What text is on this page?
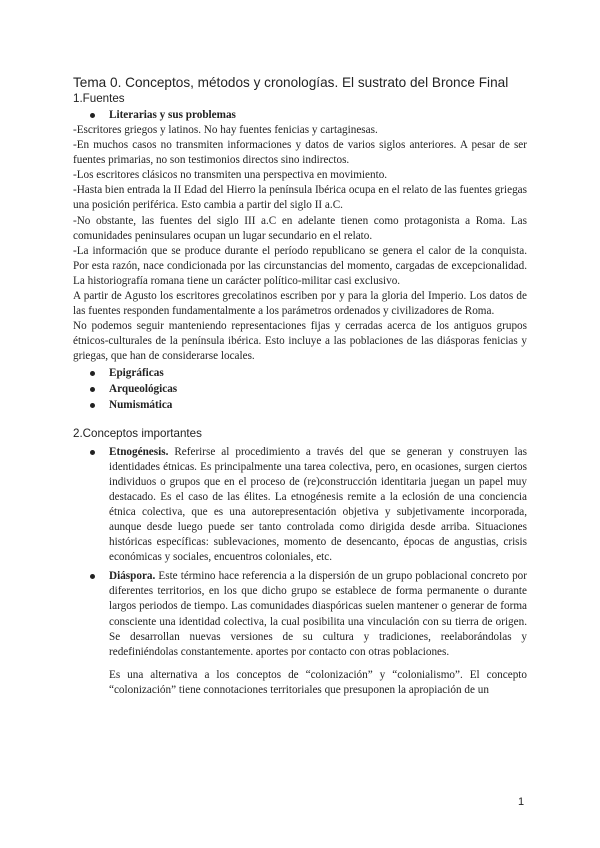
Tema 0. Conceptos, métodos y cronologías. El sustrato del Bronce Final
1.Fuentes
Literarias y sus problemas

-Escritores griegos y latinos. No hay fuentes fenicias y cartaginesas.

-En muchos casos no transmiten informaciones y datos de varios siglos anteriores. A pesar de ser fuentes primarias, no son testimonios directos sino indirectos.

-Los escritores clásicos no transmiten una perspectiva en movimiento.

-Hasta bien entrada la II Edad del Hierro la península Ibérica ocupa en el relato de las fuentes griegas una posición periférica. Esto cambia a partir del siglo II a.C.

-No obstante, las fuentes del siglo III a.C en adelante tienen como protagonista a Roma. Las comunidades peninsulares ocupan un lugar secundario en el relato.

-La información que se produce durante el período republicano se genera el calor de la conquista. Por esta razón, nace condicionada por las circunstancias del momento, cargadas de excepcionalidad. La historiografía romana tiene un carácter político-militar casi exclusivo.

A partir de Agusto los escritores grecolatinos escriben por y para la gloria del Imperio. Los datos de las fuentes responden fundamentalmente a los parámetros ordenados y civilizadores de Roma.

No podemos seguir manteniendo representaciones fijas y cerradas acerca de los antiguos grupos étnicos-culturales de la península ibérica. Esto incluye a las poblaciones de las diásporas fenicias y griegas, que han de considerarse locales.

Epigráficas
Arqueológicas
Numismática
2.Conceptos importantes
Etnogénesis. Referirse al procedimiento a través del que se generan y construyen las identidades étnicas. Es principalmente una tarea colectiva, pero, en ocasiones, surgen ciertos individuos o grupos que en el proceso de (re)construcción identitaria juegan un papel muy destacado. Es el caso de las élites. La etnogénesis remite a la eclosión de una conciencia étnica colectiva, que es una autorepresentación objetiva y subjetivamente incorporada, aunque desde luego puede ser tanto controlada como dirigida desde arriba. Situaciones históricas específicas: sublevaciones, momento de desencanto, épocas de angustias, crisis económicas y sociales, encuentros coloniales, etc.
Diáspora. Este término hace referencia a la dispersión de un grupo poblacional concreto por diferentes territorios, en los que dicho grupo se establece de forma permanente o durante largos periodos de tiempo. Las comunidades diaspóricas suelen mantener o generar de forma consciente una identidad colectiva, la cual posibilita una vinculación con su tierra de origen. Se desarrollan nuevas versiones de su cultura y tradiciones, reelaborándolas y redefiniéndolas constantemente. aportes por contacto con otras poblaciones.
Es una alternativa a los conceptos de “colonización” y “colonialismo”. El concepto “colonización” tiene connotaciones territoriales que presuponen la apropiación de un
1
